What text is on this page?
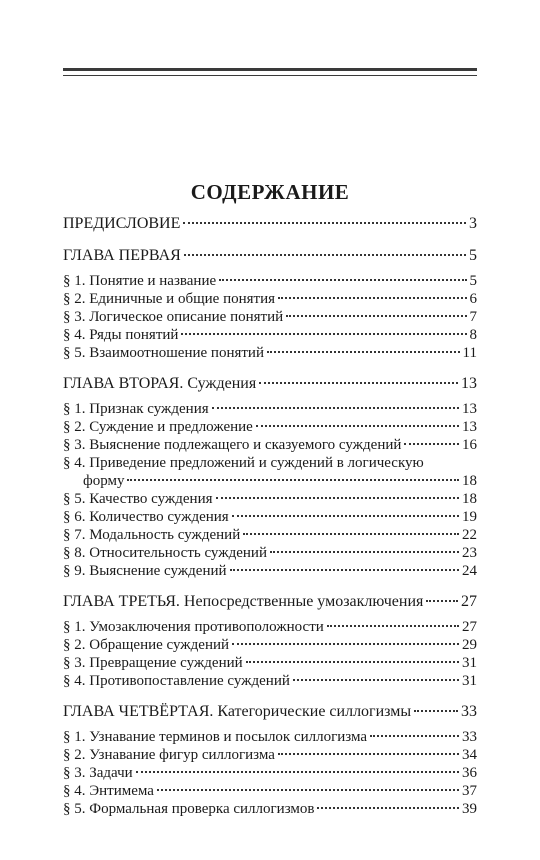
СОДЕРЖАНИЕ
ПРЕДИСЛОВИЕ	3
ГЛАВА ПЕРВАЯ	5
§ 1. Понятие и название	5
§ 2. Единичные и общие понятия	6
§ 3. Логическое описание понятий	7
§ 4. Ряды понятий	8
§ 5. Взаимоотношение понятий	11
ГЛАВА ВТОРАЯ. Суждения	13
§ 1. Признак суждения	13
§ 2. Суждение и предложение	13
§ 3. Выяснение подлежащего и сказуемого суждений	16
§ 4. Приведение предложений и суждений в логическую
форму	18
§ 5. Качество суждения	18
§ 6. Количество суждения	19
§ 7. Модальность суждений	22
§ 8. Относительность суждений	23
§ 9. Выяснение суждений	24
ГЛАВА ТРЕТЬЯ. Непосредственные умозаключения 27
§ 1. Умозаключения противоположности	27
§ 2. Обращение суждений	29
§ 3. Превращение суждений	31
§ 4. Противопоставление суждений	31
ГЛАВА ЧЕТВЁРТАЯ. Категорические силлогизмы	33
§ 1. Узнавание терминов и посылок силлогизма	33
§ 2. Узнавание фигур силлогизма	34
§ 3. Задачи	36
§ 4. Энтимема	37
§ 5. Формальная проверка силлогизмов	39
